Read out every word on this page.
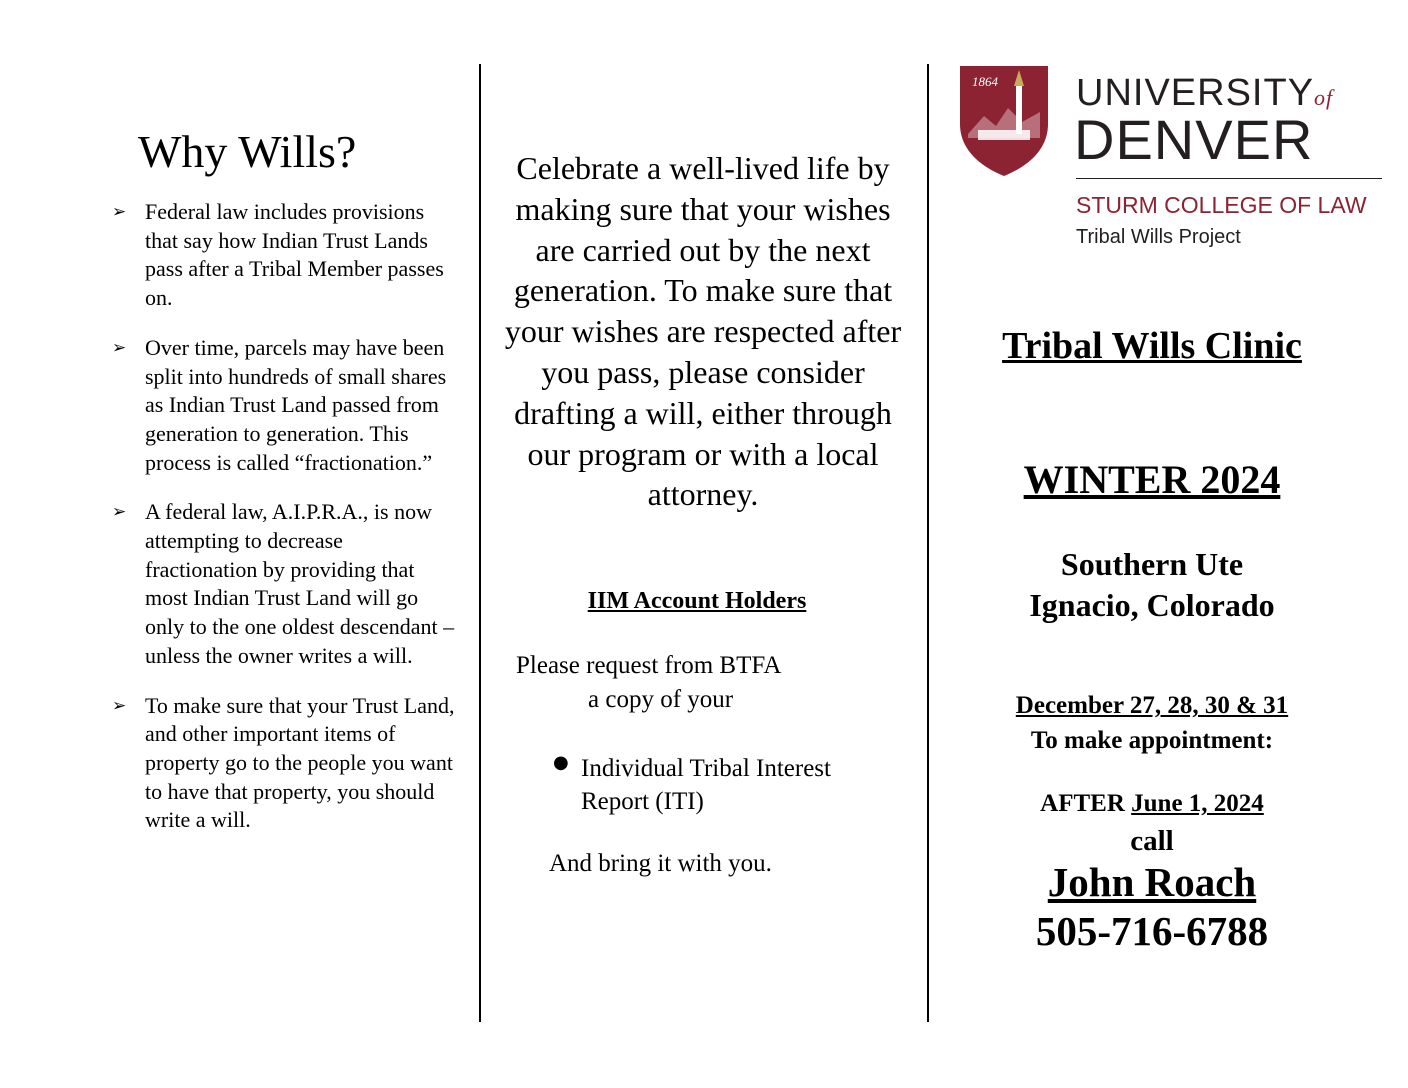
Why Wills?
➢ Federal law includes provisions that say how Indian Trust Lands pass after a Tribal Member passes on.
➢ Over time, parcels may have been split into hundreds of small shares as Indian Trust Land passed from generation to generation. This process is called “fractionation.”
➢ A federal law, A.I.P.R.A., is now attempting to decrease fractionation by providing that most Indian Trust Land will go only to the one oldest descendant – unless the owner writes a will.
➢ To make sure that your Trust Land, and other important items of property go to the people you want to have that property, you should write a will.
Celebrate a well-lived life by making sure that your wishes are carried out by the next generation. To make sure that your wishes are respected after you pass, please consider drafting a will, either through our program or with a local attorney.
IIM Account Holders
Please request from BTFA
a copy of your
● Individual Tribal Interest Report (ITI)
And bring it with you.
1864 UNIVERSITYof
DENVER
STURM COLLEGE OF LAW
Tribal Wills Project
Tribal Wills Clinic
WINTER 2024
Southern Ute
Ignacio, Colorado
December 27, 28, 30 & 31
To make appointment:
AFTER June 1, 2024
call
John Roach
505-716-6788
